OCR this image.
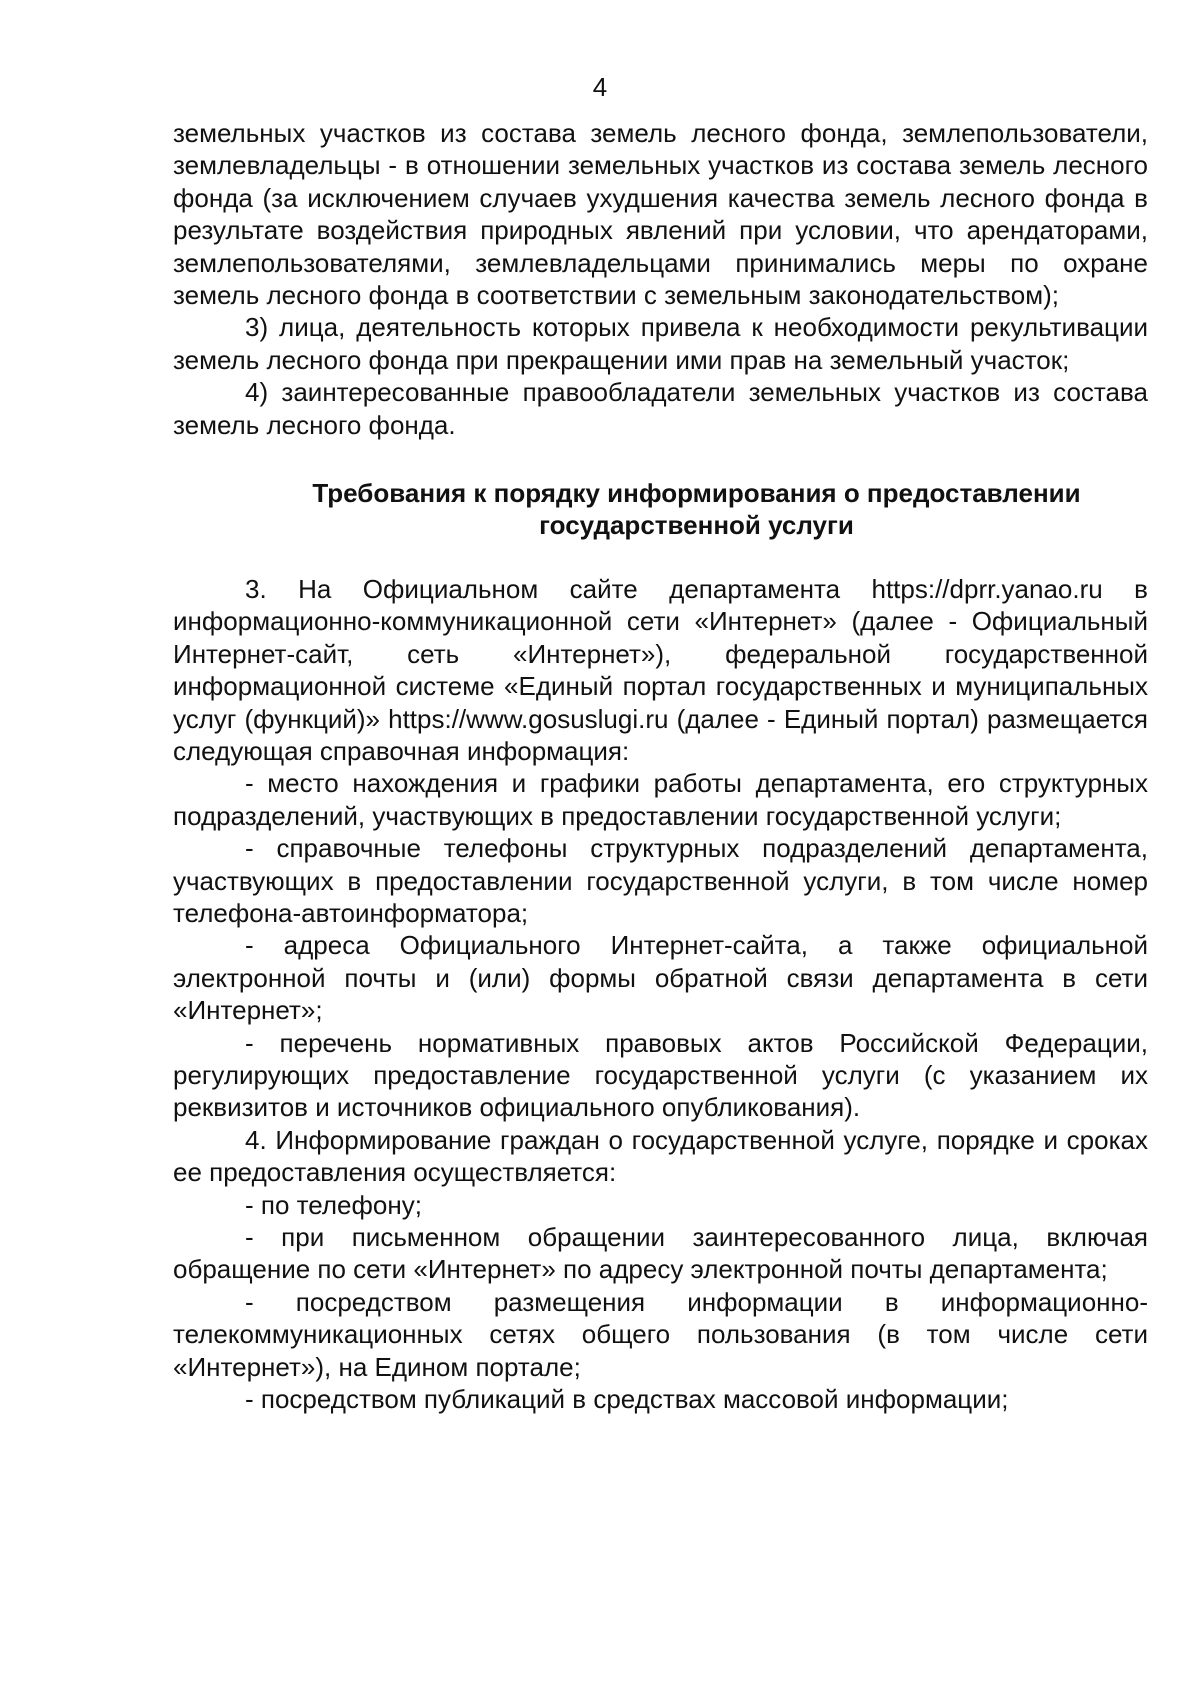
4

земельных участков из состава земель лесного фонда, землепользователи, землевладельцы - в отношении земельных участков из состава земель лесного фонда (за исключением случаев ухудшения качества земель лесного фонда в результате воздействия природных явлений при условии, что арендаторами, землепользователями, землевладельцами принимались меры по охране земель лесного фонда в соответствии с земельным законодательством);

3) лица, деятельность которых привела к необходимости рекультивации земель лесного фонда при прекращении ими прав на земельный участок;

4) заинтересованные правообладатели земельных участков из состава земель лесного фонда.

Требования к порядку информирования о предоставлении
государственной услуги

3. На Официальном сайте департамента https://dprr.yanao.ru в информационно-коммуникационной сети «Интернет» (далее - Официальный Интернет-сайт, сеть «Интернет»), федеральной государственной информационной системе «Единый портал государственных и муниципальных услуг (функций)» https://www.gosuslugi.ru (далее - Единый портал) размещается следующая справочная информация:

- место нахождения и графики работы департамента, его структурных подразделений, участвующих в предоставлении государственной услуги;

- справочные телефоны структурных подразделений департамента, участвующих в предоставлении государственной услуги, в том числе номер телефона-автоинформатора;

- адреса Официального Интернет-сайта, а также официальной электронной почты и (или) формы обратной связи департамента в сети «Интернет»;

- перечень нормативных правовых актов Российской Федерации, регулирующих предоставление государственной услуги (с указанием их реквизитов и источников официального опубликования).

4. Информирование граждан о государственной услуге, порядке и сроках ее предоставления осуществляется:

- по телефону;

- при письменном обращении заинтересованного лица, включая обращение по сети «Интернет» по адресу электронной почты департамента;

- посредством размещения информации в информационно-телекоммуникационных сетях общего пользования (в том числе сети «Интернет»), на Едином портале;

- посредством публикаций в средствах массовой информации;
